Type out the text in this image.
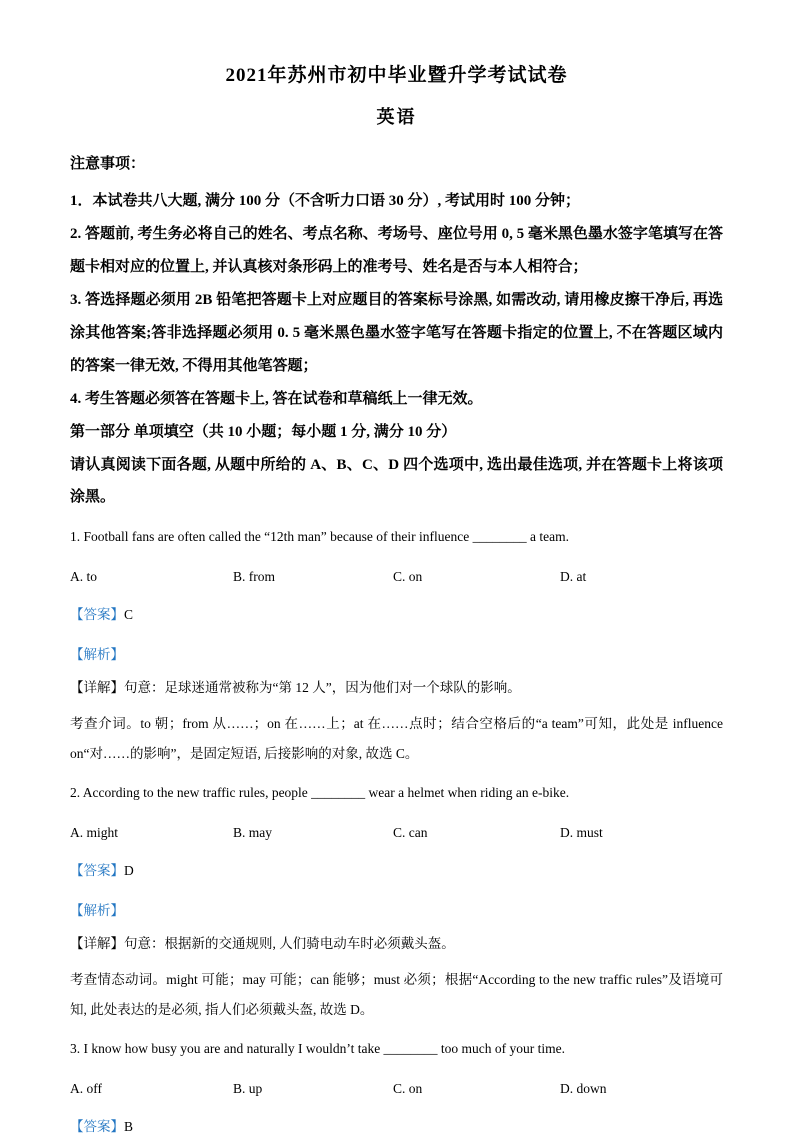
2021年苏州市初中毕业暨升学考试试卷
英语

注意事项：

1．本试卷共八大题, 满分 100 分（不含听力口语 30 分）, 考试用时 100 分钟；

2. 答题前, 考生务必将自己的姓名、考点名称、考场号、座位号用 0, 5 毫米黑色墨水签字笔填写在答题卡相对应的位置上, 并认真核对条形码上的准考号、姓名是否与本人相符合；

3. 答选择题必须用 2B 铅笔把答题卡上对应题目的答案标号涂黑, 如需改动, 请用橡皮擦干净后, 再选涂其他答案;答非选择题必须用 0. 5 毫米黑色墨水签字笔写在答题卡指定的位置上, 不在答题区域内的答案一律无效, 不得用其他笔答题；

4. 考生答题必须答在答题卡上, 答在试卷和草稿纸上一律无效。

第一部分 单项填空（共 10 小题；每小题 1 分, 满分 10 分）

请认真阅读下面各题, 从题中所给的 A、B、C、D 四个选项中, 选出最佳选项, 并在答题卡上将该项涂黑。

1. Football fans are often called the “12th man” because of their influence ________ a team.

A. to	B. from	C. on	D. at

【答案】C

【解析】

【详解】句意：足球迷通常被称为“第 12 人”，因为他们对一个球队的影响。

考查介词。to 朝；from 从……；on 在……上；at 在……点时；结合空格后的“a team”可知，此处是 influence on“对……的影响”，是固定短语, 后接影响的对象, 故选 C。

2. According to the new traffic rules, people ________ wear a helmet when riding an e-bike.

A. might	B. may	C. can	D. must

【答案】D

【解析】

【详解】句意：根据新的交通规则, 人们骑电动车时必须戴头盔。

考查情态动词。might 可能；may 可能；can 能够；must 必须；根据“According to the new traffic rules”及语境可知, 此处表达的是必须, 指人们必须戴头盔, 故选 D。

3. I know how busy you are and naturally I wouldn’t take ________ too much of your time.

A. off	B. up	C. on	D. down

【答案】B
